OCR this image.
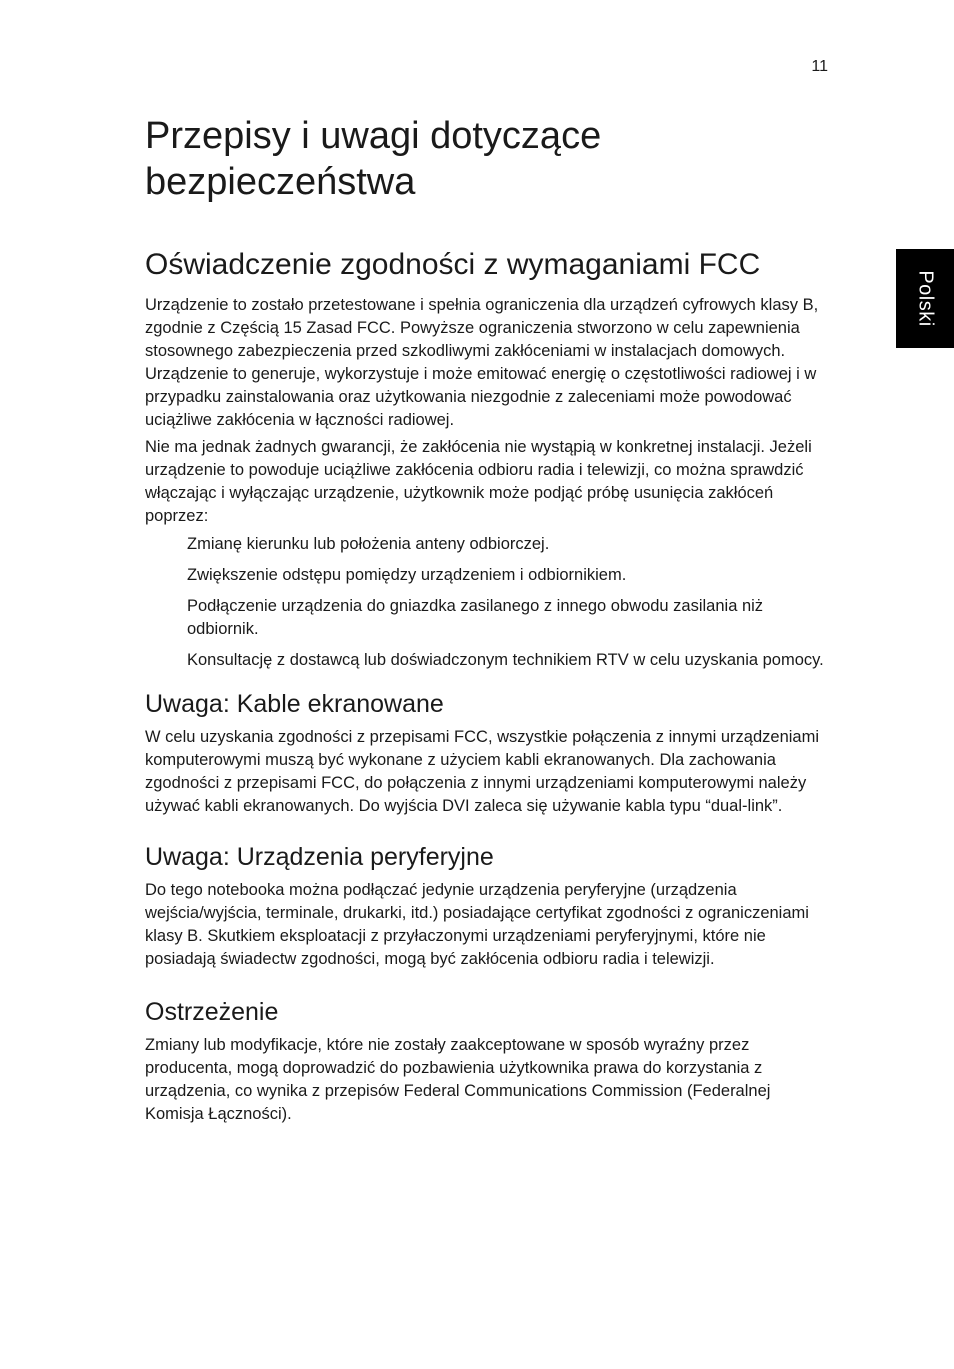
11
Polski
Przepisy i uwagi dotyczące
bezpieczeństwa
Oświadczenie zgodności z wymaganiami FCC

Urządzenie to zostało przetestowane i spełnia ograniczenia dla urządzeń cyfrowych klasy B, zgodnie z Częścią 15 Zasad FCC. Powyższe ograniczenia stworzono w celu zapewnienia stosownego zabezpieczenia przed szkodliwymi zakłóceniami w instalacjach domowych. Urządzenie to generuje, wykorzystuje i może emitować energię o częstotliwości radiowej i w przypadku zainstalowania oraz użytkowania niezgodnie z zaleceniami może powodować uciążliwe zakłócenia w łączności radiowej.

Nie ma jednak żadnych gwarancji, że zakłócenia nie wystąpią w konkretnej instalacji. Jeżeli urządzenie to powoduje uciążliwe zakłócenia odbioru radia i telewizji, co można sprawdzić włączając i wyłączając urządzenie, użytkownik może podjąć próbę usunięcia zakłóceń poprzez:

Zmianę kierunku lub położenia anteny odbiorczej.

Zwiększenie odstępu pomiędzy urządzeniem i odbiornikiem.

Podłączenie urządzenia do gniazdka zasilanego z innego obwodu zasilania niż odbiornik.

Konsultację z dostawcą lub doświadczonym technikiem RTV w celu uzyskania pomocy.

Uwaga: Kable ekranowane

W celu uzyskania zgodności z przepisami FCC, wszystkie połączenia z innymi urządzeniami komputerowymi muszą być wykonane z użyciem kabli ekranowanych. Dla zachowania zgodności z przepisami FCC, do połączenia z innymi urządzeniami komputerowymi należy używać kabli ekranowanych. Do wyjścia DVI zaleca się używanie kabla typu “dual-link”.

Uwaga: Urządzenia peryferyjne

Do tego notebooka można podłączać jedynie urządzenia peryferyjne (urządzenia wejścia/wyjścia, terminale, drukarki, itd.) posiadające certyfikat zgodności z ograniczeniami klasy B. Skutkiem eksploatacji z przyłaczonymi urządzeniami peryferyjnymi, które nie posiadają świadectw zgodności, mogą być zakłócenia odbioru radia i telewizji.

Ostrzeżenie

Zmiany lub modyfikacje, które nie zostały zaakceptowane w sposób wyraźny przez producenta, mogą doprowadzić do pozbawienia użytkownika prawa do korzystania z urządzenia, co wynika z przepisów Federal Communications Commission (Federalnej Komisja Łączności).
